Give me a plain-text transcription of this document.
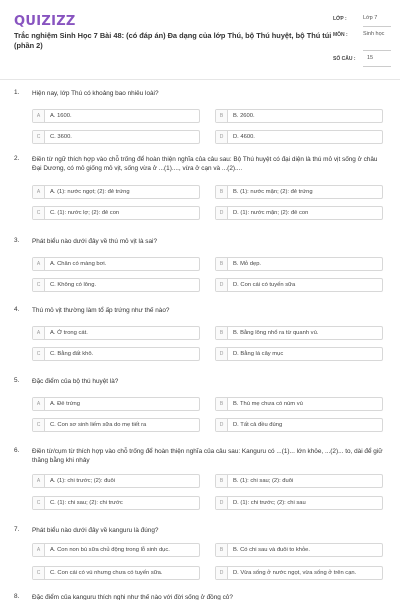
QUIZIZZ
Trắc nghiệm Sinh Học 7 Bài 48: (có đáp án) Đa dạng của lớp Thú, bộ Thú huyệt, bộ Thú túi (phần 2)
LỚP :	Lớp 7
MÔN :	Sinh học
SỐ CÂU : 15
1. Hiện nay, lớp Thú có khoảng bao nhiêu loài?
A	A. 1600.	B	B. 2600.
C	C. 3600.	D	D. 4600.
2. Điền từ ngữ thích hợp vào chỗ trống để hoàn thiện nghĩa của câu sau: Bộ Thú huyệt có đại diện là thú mỏ vịt sống ở châu Đại Dương, có mỏ giống mỏ vịt, sống vừa ở ...(1)...., vừa ở cạn và ...(2)....
A	A. (1): nước ngọt; (2): đẻ trứng	B	B. (1): nước mặn; (2): đẻ trứng
C	C. (1): nước lợ; (2): đẻ con	D	D. (1): nước mặn; (2): đẻ con
3. Phát biểu nào dưới đây về thú mỏ vịt là sai?
A	A. Chân có màng bơi.	B	B. Mỏ dẹp.
C	C. Không có lông.	D	D. Con cái có tuyến sữa
4. Thú mỏ vịt thường làm tổ ấp trứng như thế nào?
A	A. Ở trong cát.	B	B. Bằng lông nhổ ra từ quanh vú.
C	C. Bằng đất khô.	D	D. Bằng lá cây mục
5. Đặc điểm của bộ thú huyệt là?
A	A. Đẻ trứng	B	B. Thú mẹ chưa có núm vú
C	C. Con sơ sinh liếm sữa do mẹ tiết ra	D	D. Tất cả đều đúng
6. Điền từ/cụm từ thích hợp vào chỗ trống để hoàn thiện nghĩa của câu sau: Kanguru có ...(1)... lớn khỏe, ...(2)... to, dài để giữ thăng bằng khi nhảy
A	A. (1): chi trước; (2): đuôi	B	B. (1): chi sau; (2): đuôi
C	C. (1): chi sau; (2): chi trước	D	D. (1): chi trước; (2): chi sau
7. Phát biểu nào dưới đây về kanguru là đúng?
A	A. Con non bú sữa chủ động trong lỗ sinh dục.	B	B. Có chi sau và đuôi to khỏe.
C	C. Con cái có vú nhưng chưa có tuyến sữa.	D	D. Vừa sống ở nước ngọt, vừa sống ở trên cạn.
8. Đặc điểm của kanguru thích nghi như thế nào với đời sống ở đồng cỏ?
